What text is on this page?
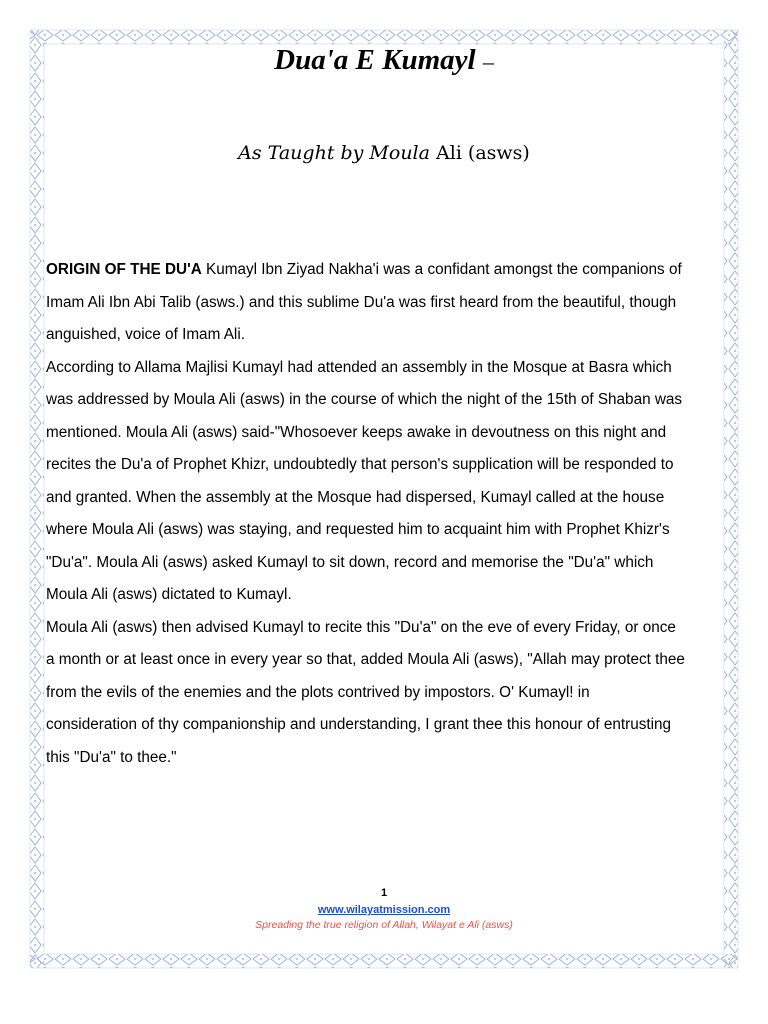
Dua'a E Kumayl –
As Taught by Moula Ali (asws)
ORIGIN OF THE DU'A Kumayl Ibn Ziyad Nakha'i was a confidant amongst the companions of
Imam Ali Ibn Abi Talib (asws.) and this sublime Du'a was first heard from the beautiful, though
anguished, voice of Imam Ali.
According to Allama Majlisi Kumayl had attended an assembly in the Mosque at Basra which
was addressed by Moula Ali (asws) in the course of which the night of the 15th of Shaban was
mentioned. Moula Ali (asws) said-"Whosoever keeps awake in devoutness on this night and
recites the Du'a of Prophet Khizr, undoubtedly that person's supplication will be responded to
and granted. When the assembly at the Mosque had dispersed, Kumayl called at the house
where Moula Ali (asws) was staying, and requested him to acquaint him with Prophet Khizr's
"Du'a". Moula Ali (asws) asked Kumayl to sit down, record and memorise the "Du'a" which
Moula Ali (asws) dictated to Kumayl.
Moula Ali (asws) then advised Kumayl to recite this "Du'a" on the eve of every Friday, or once
a month or at least once in every year so that, added Moula Ali (asws), "Allah may protect thee
from the evils of the enemies and the plots contrived by impostors. O' Kumayl! in
consideration of thy companionship and understanding, I grant thee this honour of entrusting
this "Du'a" to thee."
1
www.wilayatmission.com
Spreading the true religion of Allah, Wilayat e Ali (asws)
